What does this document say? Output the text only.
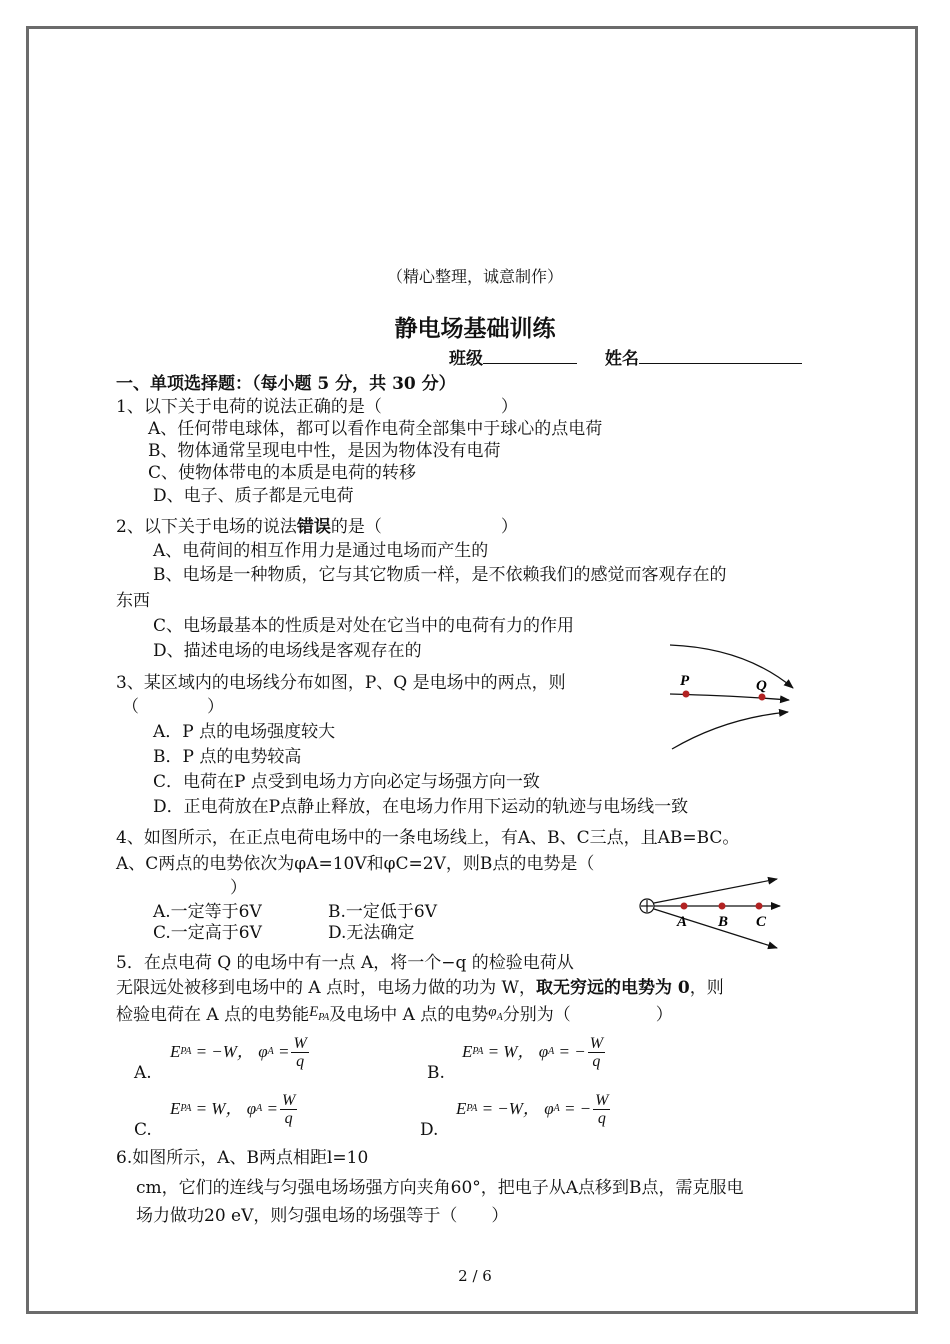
（精心整理，诚意制作）
静电场基础训练
班级	姓名
一、单项选择题：（每小题 5 分，共 30 分）
1、以下关于电荷的说法正确的是（　　　　　　　）
A、任何带电球体，都可以看作电荷全部集中于球心的点电荷
B、物体通常呈现电中性，是因为物体没有电荷
C、使物体带电的本质是电荷的转移
D、电子、质子都是元电荷
2、以下关于电场的说法错误的是（　　　　　　　）
A、电荷间的相互作用力是通过电场而产生的
B、电场是一种物质，它与其它物质一样，是不依赖我们的感觉而客观存在的
东西
C、电场最基本的性质是对处在它当中的电荷有力的作用
D、描述电场的电场线是客观存在的
3、某区域内的电场线分布如图，P、Q 是电场中的两点，则
（　　　　）
A．P 点的电场强度较大
B．P 点的电势较高
C．电荷在P 点受到电场力方向必定与场强方向一致
D．正电荷放在P点静止释放，在电场力作用下运动的轨迹与电场线一致
P	Q
4、如图所示，在正点电荷电场中的一条电场线上，有A、B、C三点，且AB=BC。
A、C两点的电势依次为φA=10V和φC=2V，则B点的电势是（
）
A.一定等于6V	B.一定低于6V
C.一定高于6V	D.无法确定
A B C
5．在点电荷 Q 的电场中有一点 A，将一个−q 的检验电荷从
无限远处被移到电场中的 A 点时，电场力做的功为 W，取无穷远的电势为 0，则
检验电荷在 A 点的电势能$E_{PA}$及电场中 A 点的电势$\varphi_A$分别为（　　　　　）
A.
E PA
= −W，
φ A
= $\frac{W}{q}$
B.
E PA
= W，
φ A
= − $\frac{W}{q}$
C.
E PA
= W，
φ A
= $\frac{W}{q}$
D.
E PA
= −W，
φ A
= − $\frac{W}{q}$
6.如图所示，A、B两点相距l=10
cm，它们的连线与匀强电场场强方向夹角60°，把电子从A点移到B点，需克服电
场力做功20 eV，则匀强电场的场强等于（　　）
2 / 6
